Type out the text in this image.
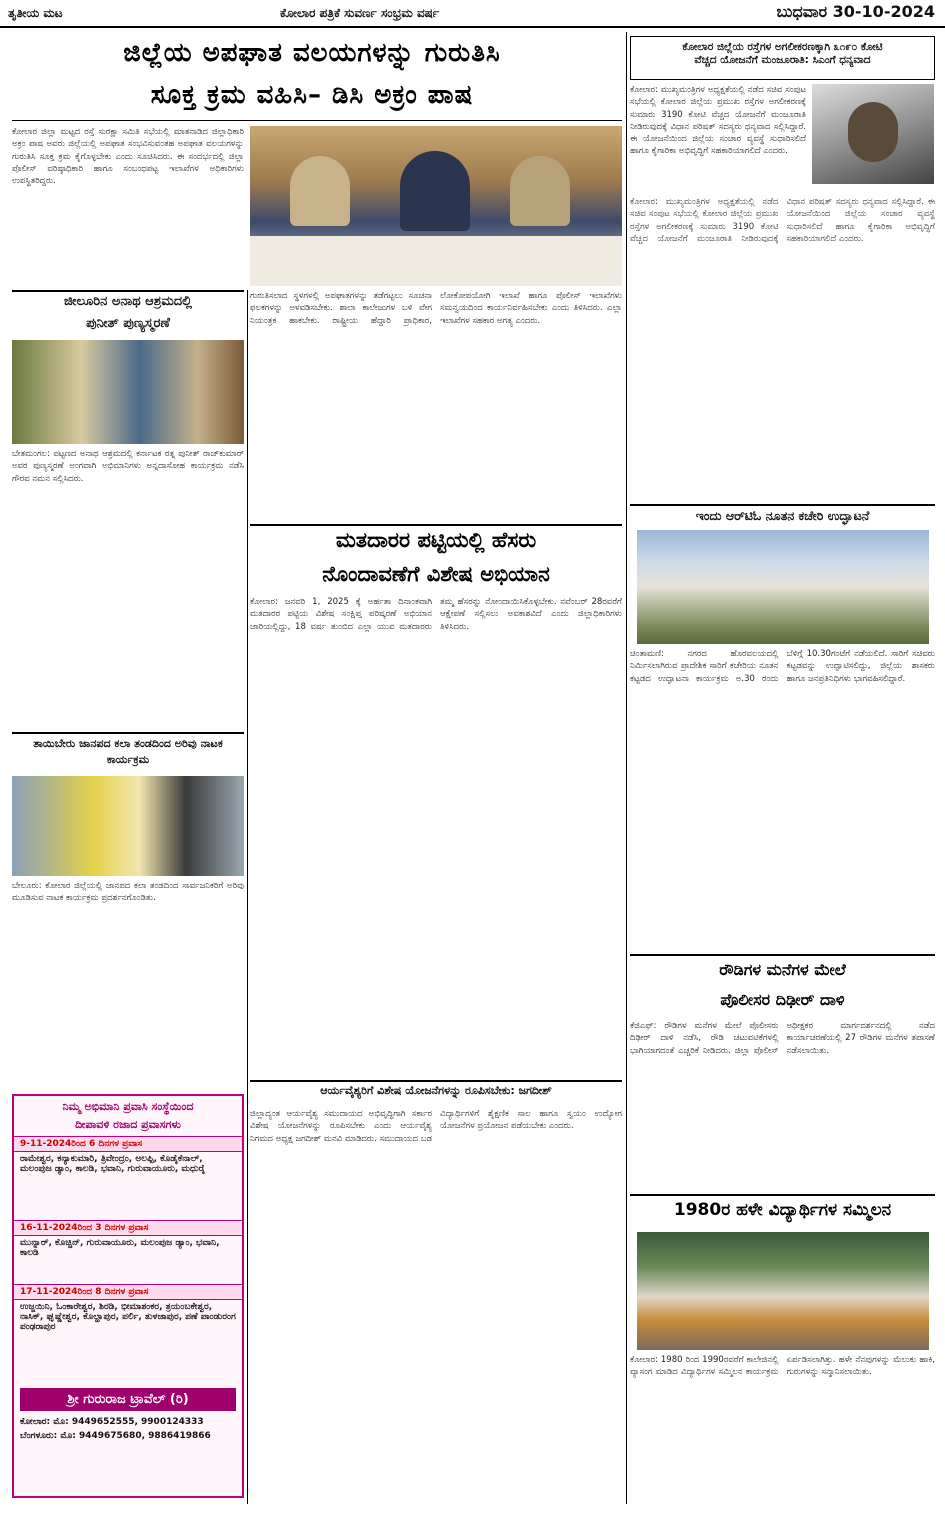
ತೃತೀಯ ಮಟ	ಕೋಲಾರ ಪತ್ರಿಕೆ ಸುವರ್ಣ ಸಂಭ್ರಮ ವರ್ಷ	ಬುಧವಾರ 30-10-2024
ಜಿಲ್ಲೆಯ ಅಪಘಾತ ವಲಯಗಳನ್ನು ಗುರುತಿಸಿ
ಸೂಕ್ತ ಕ್ರಮ ವಹಿಸಿ– ಡಿಸಿ ಅಕ್ರಂ ಪಾಷ
ಕೋಲಾರ ಜಿಲ್ಲಾ ಮಟ್ಟದ ರಸ್ತೆ ಸುರಕ್ಷಾ ಸಮಿತಿ ಸಭೆಯಲ್ಲಿ ಮಾತನಾಡಿದ ಜಿಲ್ಲಾಧಿಕಾರಿ ಅಕ್ರಂ ಪಾಷ ಅವರು ಜಿಲ್ಲೆಯಲ್ಲಿ ಅಪಘಾತ ಸಂಭವಿಸುವಂತಹ ಅಪಘಾತ ವಲಯಗಳನ್ನು ಗುರುತಿಸಿ ಸೂಕ್ತ ಕ್ರಮ ಕೈಗೊಳ್ಳಬೇಕು ಎಂದು ಸೂಚಿಸಿದರು. ಈ ಸಂದರ್ಭದಲ್ಲಿ ಜಿಲ್ಲಾ ಪೊಲೀಸ್ ವರಿಷ್ಠಾಧಿಕಾರಿ ಹಾಗೂ ಸಂಬಂಧಪಟ್ಟ ಇಲಾಖೆಗಳ ಅಧಿಕಾರಿಗಳು ಉಪಸ್ಥಿತರಿದ್ದರು.
ಜೀಲೂರಿನ ಅನಾಥ ಆಶ್ರಮದಲ್ಲಿ
ಪುನೀತ್ ಪುಣ್ಯಸ್ಮರಣೆ
ಬೇತಮಂಗಲ: ಪಟ್ಟಣದ ಅನಾಥ ಆಶ್ರಮದಲ್ಲಿ ಕರ್ನಾಟಕ ರತ್ನ ಪುನೀತ್ ರಾಜ್‌ಕುಮಾರ್ ಅವರ ಪುಣ್ಯಸ್ಮರಣೆ ಅಂಗವಾಗಿ ಅಭಿಮಾನಿಗಳು ಅನ್ನದಾಸೋಹ ಕಾರ್ಯಕ್ರಮ ನಡೆಸಿ ಗೌರವ ನಮನ ಸಲ್ಲಿಸಿದರು.
ತಾಯಿಬೇರು ಜಾನಪದ ಕಲಾ ತಂಡದಿಂದ ಅರಿವು ನಾಟಕ ಕಾರ್ಯಕ್ರಮ
ಬೇಲೂರು: ಕೋಲಾರ ಜಿಲ್ಲೆಯಲ್ಲಿ ಜಾನಪದ ಕಲಾ ತಂಡದಿಂದ ಸಾರ್ವಜನಿಕರಿಗೆ ಅರಿವು ಮೂಡಿಸುವ ನಾಟಕ ಕಾರ್ಯಕ್ರಮ ಪ್ರದರ್ಶನಗೊಂಡಿತು.
ನಿಮ್ಮ ಅಭಿಮಾನಿ ಪ್ರವಾಸಿ ಸಂಸ್ಥೆಯಿಂದ
ದೀಪಾವಳಿ ರಜಾದ ಪ್ರವಾಸಗಳು
9-11-2024ರಿಂದ 6 ದಿನಗಳ ಪ್ರವಾಸ
ರಾಮೇಶ್ವರ, ಕನ್ಯಾಕುಮಾರಿ, ತ್ರಿವೇಂದ್ರಂ, ಅಲಪ್ಪಿ, ಕೊಡೈಕೆನಾಲ್, ಮಲಂಪುಜ ಡ್ಯಾಂ, ಕಾಲಡಿ, ಭವಾನಿ, ಗುರುವಾಯೂರು, ಮಧುರೈ
16-11-2024ರಿಂದ 3 ದಿನಗಳ ಪ್ರವಾಸ
ಮುನ್ನಾರ್, ಕೊಚ್ಚಿನ್, ಗುರುವಾಯೂರು, ಮಲಂಪುಜ ಡ್ಯಾಂ, ಭವಾನಿ, ಕಾಲಡಿ
17-11-2024ರಿಂದ 8 ದಿನಗಳ ಪ್ರವಾಸ
ಉಜ್ಜಯಿನಿ, ಓಂಕಾರೇಶ್ವರ, ಶಿರಡಿ, ಭೀಮಾಶಂಕರ, ತ್ರಯಂಬಕೇಶ್ವರ, ನಾಸಿಕ್, ಘೃಷ್ಣೇಶ್ವರ, ಕೊಲ್ಹಾಪುರ, ಪರ್ಲಿ, ತುಳಜಾಪುರ, ಪಣೆ ಪಾಂಡುರಂಗ ಪಂಢರಾಪುರ
ಶ್ರೀ ಗುರುರಾಜ ಟ್ರಾವೆಲ್ (ರಿ)
ಕೋಲಾರ: ಮೊ: 9449652555, 9900124333
ಬೆಂಗಳೂರು: ಮೊ: 9449675680, 9886419866
ಗುರುತಿಸಲಾದ ಸ್ಥಳಗಳಲ್ಲಿ ಅಪಘಾತಗಳನ್ನು ತಡೆಗಟ್ಟಲು ಸೂಚನಾ ಫಲಕಗಳನ್ನು ಅಳವಡಿಸಬೇಕು. ಶಾಲಾ ಕಾಲೇಜುಗಳ ಬಳಿ ವೇಗ ನಿಯಂತ್ರಕ ಹಾಕಬೇಕು. ರಾಷ್ಟ್ರೀಯ ಹೆದ್ದಾರಿ ಪ್ರಾಧಿಕಾರ, ಲೋಕೋಪಯೋಗಿ ಇಲಾಖೆ ಹಾಗೂ ಪೊಲೀಸ್ ಇಲಾಖೆಗಳು ಸಮನ್ವಯದಿಂದ ಕಾರ್ಯನಿರ್ವಹಿಸಬೇಕು ಎಂದು ತಿಳಿಸಿದರು. ಎಲ್ಲಾ ಇಲಾಖೆಗಳ ಸಹಕಾರ ಅಗತ್ಯ ಎಂದರು.
ಮತದಾರರ ಪಟ್ಟಿಯಲ್ಲಿ ಹೆಸರು
ನೊಂದಾವಣೆಗೆ ವಿಶೇಷ ಅಭಿಯಾನ
ಕೋಲಾರ: ಜನವರಿ 1, 2025 ಕ್ಕೆ ಅರ್ಹತಾ ದಿನಾಂಕವಾಗಿ ಮತದಾರರ ಪಟ್ಟಿಯ ವಿಶೇಷ ಸಂಕ್ಷಿಪ್ತ ಪರಿಷ್ಕರಣೆ ಅಭಿಯಾನ ಜಾರಿಯಲ್ಲಿದ್ದು, 18 ವರ್ಷ ತುಂಬಿದ ಎಲ್ಲಾ ಯುವ ಮತದಾರರು ತಮ್ಮ ಹೆಸರನ್ನು ನೋಂದಾಯಿಸಿಕೊಳ್ಳಬೇಕು. ನವೆಂಬರ್ 28ರವರೆಗೆ ಆಕ್ಷೇಪಣೆ ಸಲ್ಲಿಸಲು ಅವಕಾಶವಿದೆ ಎಂದು ಜಿಲ್ಲಾಧಿಕಾರಿಗಳು ತಿಳಿಸಿದರು.
ಆರ್ಯವೈಶ್ಯರಿಗೆ ವಿಶೇಷ ಯೋಜನೆಗಳನ್ನು ರೂಪಿಸಬೇಕು: ಜಗದೀಶ್
ಜಿಲ್ಲಾದ್ಯಂತ ಆರ್ಯವೈಶ್ಯ ಸಮುದಾಯದ ಅಭಿವೃದ್ಧಿಗಾಗಿ ಸರ್ಕಾರ ವಿಶೇಷ ಯೋಜನೆಗಳನ್ನು ರೂಪಿಸಬೇಕು ಎಂದು ಆರ್ಯವೈಶ್ಯ ನಿಗಮದ ಅಧ್ಯಕ್ಷ ಜಗದೀಶ್ ಮನವಿ ಮಾಡಿದರು. ಸಮುದಾಯದ ಬಡ ವಿದ್ಯಾರ್ಥಿಗಳಿಗೆ ಶೈಕ್ಷಣಿಕ ಸಾಲ ಹಾಗೂ ಸ್ವಯಂ ಉದ್ಯೋಗ ಯೋಜನೆಗಳ ಪ್ರಯೋಜನ ಪಡೆಯಬೇಕು ಎಂದರು.
ಕೋಲಾರ ಜಿಲ್ಲೆಯ ರಸ್ತೆಗಳ ಅಗಲೀಕರಣಕ್ಕಾಗಿ ೩೧೯೦ ಕೋಟಿ
ವೆಚ್ಚದ ಯೋಜನೆಗೆ ಮಂಜೂರಾತಿ: ಸಿಎಂಗೆ ಧನ್ಯವಾದ
ಕೋಲಾರ: ಮುಖ್ಯಮಂತ್ರಿಗಳ ಅಧ್ಯಕ್ಷತೆಯಲ್ಲಿ ನಡೆದ ಸಚಿವ ಸಂಪುಟ ಸಭೆಯಲ್ಲಿ ಕೋಲಾರ ಜಿಲ್ಲೆಯ ಪ್ರಮುಖ ರಸ್ತೆಗಳ ಅಗಲೀಕರಣಕ್ಕೆ ಸುಮಾರು 3190 ಕೋಟಿ ವೆಚ್ಚದ ಯೋಜನೆಗೆ ಮಂಜೂರಾತಿ ನೀಡಿರುವುದಕ್ಕೆ ವಿಧಾನ ಪರಿಷತ್ ಸದಸ್ಯರು ಧನ್ಯವಾದ ಸಲ್ಲಿಸಿದ್ದಾರೆ. ಈ ಯೋಜನೆಯಿಂದ ಜಿಲ್ಲೆಯ ಸಂಚಾರ ವ್ಯವಸ್ಥೆ ಸುಧಾರಿಸಲಿದೆ ಹಾಗೂ ಕೈಗಾರಿಕಾ ಅಭಿವೃದ್ಧಿಗೆ ಸಹಕಾರಿಯಾಗಲಿದೆ ಎಂದರು.
ಕೋಲಾರ: ಮುಖ್ಯಮಂತ್ರಿಗಳ ಅಧ್ಯಕ್ಷತೆಯಲ್ಲಿ ನಡೆದ ಸಚಿವ ಸಂಪುಟ ಸಭೆಯಲ್ಲಿ ಕೋಲಾರ ಜಿಲ್ಲೆಯ ಪ್ರಮುಖ ರಸ್ತೆಗಳ ಅಗಲೀಕರಣಕ್ಕೆ ಸುಮಾರು 3190 ಕೋಟಿ ವೆಚ್ಚದ ಯೋಜನೆಗೆ ಮಂಜೂರಾತಿ ನೀಡಿರುವುದಕ್ಕೆ ವಿಧಾನ ಪರಿಷತ್ ಸದಸ್ಯರು ಧನ್ಯವಾದ ಸಲ್ಲಿಸಿದ್ದಾರೆ. ಈ ಯೋಜನೆಯಿಂದ ಜಿಲ್ಲೆಯ ಸಂಚಾರ ವ್ಯವಸ್ಥೆ ಸುಧಾರಿಸಲಿದೆ ಹಾಗೂ ಕೈಗಾರಿಕಾ ಅಭಿವೃದ್ಧಿಗೆ ಸಹಕಾರಿಯಾಗಲಿದೆ ಎಂದರು.
ಇಂದು ಆರ್‌ಟಿಓ ನೂತನ ಕಚೇರಿ ಉದ್ಘಾಟನೆ
ಚಿಂತಾಮಣಿ: ನಗರದ ಹೊರವಲಯದಲ್ಲಿ ನಿರ್ಮಿಸಲಾಗಿರುವ ಪ್ರಾದೇಶಿಕ ಸಾರಿಗೆ ಕಚೇರಿಯ ನೂತನ ಕಟ್ಟಡದ ಉದ್ಘಾಟನಾ ಕಾರ್ಯಕ್ರಮ ಅ.30 ರಂದು ಬೆಳಿಗ್ಗೆ 10.30ಗಂಟೆಗೆ ನಡೆಯಲಿದೆ. ಸಾರಿಗೆ ಸಚಿವರು ಕಟ್ಟಡವನ್ನು ಉದ್ಘಾಟಿಸಲಿದ್ದು, ಜಿಲ್ಲೆಯ ಶಾಸಕರು ಹಾಗೂ ಜನಪ್ರತಿನಿಧಿಗಳು ಭಾಗವಹಿಸಲಿದ್ದಾರೆ.
ರೌಡಿಗಳ ಮನೆಗಳ ಮೇಲೆ
ಪೊಲೀಸರ ದಿಢೀರ್ ದಾಳಿ
ಕೆಜಿಎಫ್: ರೌಡಿಗಳ ಮನೆಗಳ ಮೇಲೆ ಪೊಲೀಸರು ದಿಢೀರ್ ದಾಳಿ ನಡೆಸಿ, ರೌಡಿ ಚಟುವಟಿಕೆಗಳಲ್ಲಿ ಭಾಗಿಯಾಗದಂತೆ ಎಚ್ಚರಿಕೆ ನೀಡಿದರು. ಜಿಲ್ಲಾ ಪೊಲೀಸ್ ಅಧೀಕ್ಷಕರ ಮಾರ್ಗದರ್ಶನದಲ್ಲಿ ನಡೆದ ಕಾರ್ಯಾಚರಣೆಯಲ್ಲಿ 27 ರೌಡಿಗಳ ಮನೆಗಳ ತಪಾಸಣೆ ನಡೆಸಲಾಯಿತು.
1980ರ ಹಳೇ ವಿದ್ಯಾರ್ಥಿಗಳ ಸಮ್ಮಿಲನ
ಕೋಲಾರ: 1980 ರಿಂದ 1990ರವರೆಗೆ ಕಾಲೇಜಿನಲ್ಲಿ ವ್ಯಾಸಂಗ ಮಾಡಿದ ವಿದ್ಯಾರ್ಥಿಗಳ ಸಮ್ಮಿಲನ ಕಾರ್ಯಕ್ರಮ ಏರ್ಪಡಿಸಲಾಗಿತ್ತು. ಹಳೇ ನೆನಪುಗಳನ್ನು ಮೆಲುಕು ಹಾಕಿ, ಗುರುಗಳನ್ನು ಸನ್ಮಾನಿಸಲಾಯಿತು.
